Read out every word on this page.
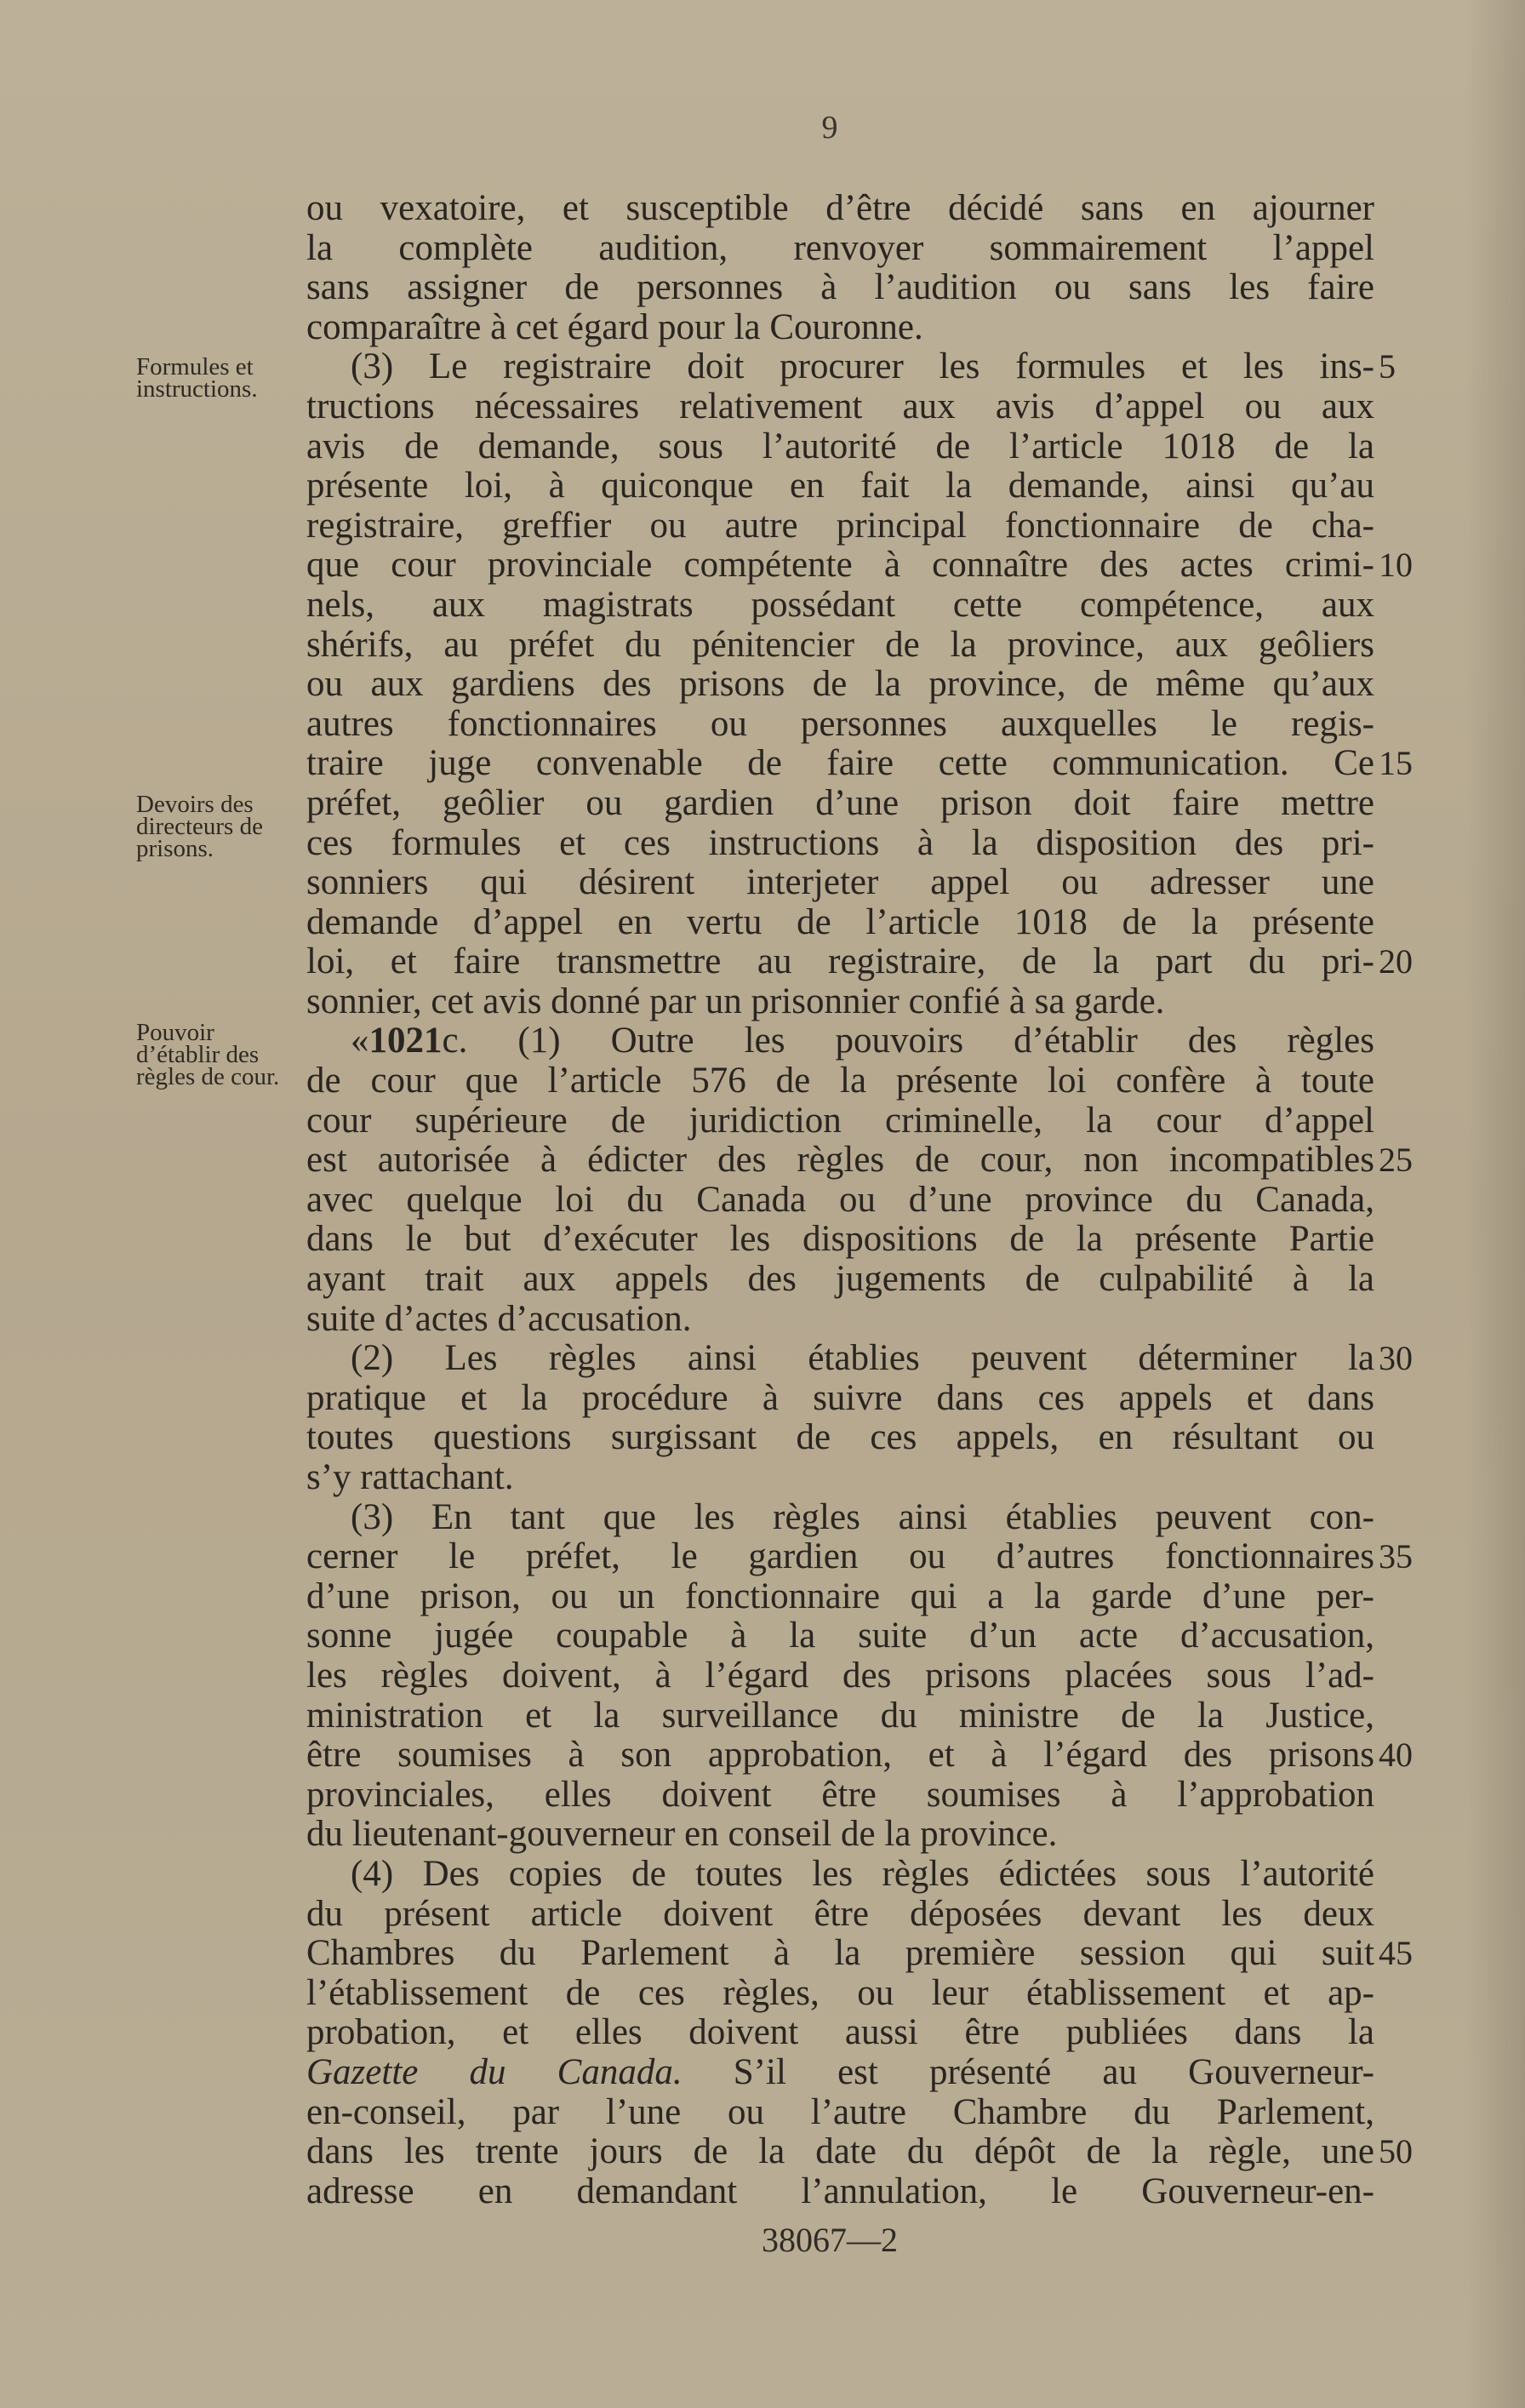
9
Formules et
instructions.
Devoirs des
directeurs de
prisons.
Pouvoir
d’établir des
règles de cour.
ou vexatoire, et susceptible d’être décidé sans en ajourner
la complète audition, renvoyer sommairement l’appel
sans assigner de personnes à l’audition ou sans les faire
comparaître à cet égard pour la Couronne.
(3) Le registraire doit procurer les formules et les ins-
tructions nécessaires relativement aux avis d’appel ou aux
avis de demande, sous l’autorité de l’article 1018 de la
présente loi, à quiconque en fait la demande, ainsi qu’au
registraire, greffier ou autre principal fonctionnaire de cha-
que cour provinciale compétente à connaître des actes crimi-
nels, aux magistrats possédant cette compétence, aux
shérifs, au préfet du pénitencier de la province, aux geôliers
ou aux gardiens des prisons de la province, de même qu’aux
autres fonctionnaires ou personnes auxquelles le regis-
traire juge convenable de faire cette communication. Ce
préfet, geôlier ou gardien d’une prison doit faire mettre
ces formules et ces instructions à la disposition des pri-
sonniers qui désirent interjeter appel ou adresser une
demande d’appel en vertu de l’article 1018 de la présente
loi, et faire transmettre au registraire, de la part du pri-
sonnier, cet avis donné par un prisonnier confié à sa garde.
«1021c. (1) Outre les pouvoirs d’établir des règles
de cour que l’article 576 de la présente loi confère à toute
cour supérieure de juridiction criminelle, la cour d’appel
est autorisée à édicter des règles de cour, non incompatibles
avec quelque loi du Canada ou d’une province du Canada,
dans le but d’exécuter les dispositions de la présente Partie
ayant trait aux appels des jugements de culpabilité à la
suite d’actes d’accusation.
(2) Les règles ainsi établies peuvent déterminer la
pratique et la procédure à suivre dans ces appels et dans
toutes questions surgissant de ces appels, en résultant ou
s’y rattachant.
(3) En tant que les règles ainsi établies peuvent con-
cerner le préfet, le gardien ou d’autres fonctionnaires
d’une prison, ou un fonctionnaire qui a la garde d’une per-
sonne jugée coupable à la suite d’un acte d’accusation,
les règles doivent, à l’égard des prisons placées sous l’ad-
ministration et la surveillance du ministre de la Justice,
être soumises à son approbation, et à l’égard des prisons
provinciales, elles doivent être soumises à l’approbation
du lieutenant-gouverneur en conseil de la province.
(4) Des copies de toutes les règles édictées sous l’autorité
du présent article doivent être déposées devant les deux
Chambres du Parlement à la première session qui suit
l’établissement de ces règles, ou leur établissement et ap-
probation, et elles doivent aussi être publiées dans la
Gazette du Canada. S’il est présenté au Gouverneur-
en-conseil, par l’une ou l’autre Chambre du Parlement,
dans les trente jours de la date du dépôt de la règle, une
adresse en demandant l’annulation, le Gouverneur-en-
5
10
15
20
25
30
35
40
45
50
38067—2
